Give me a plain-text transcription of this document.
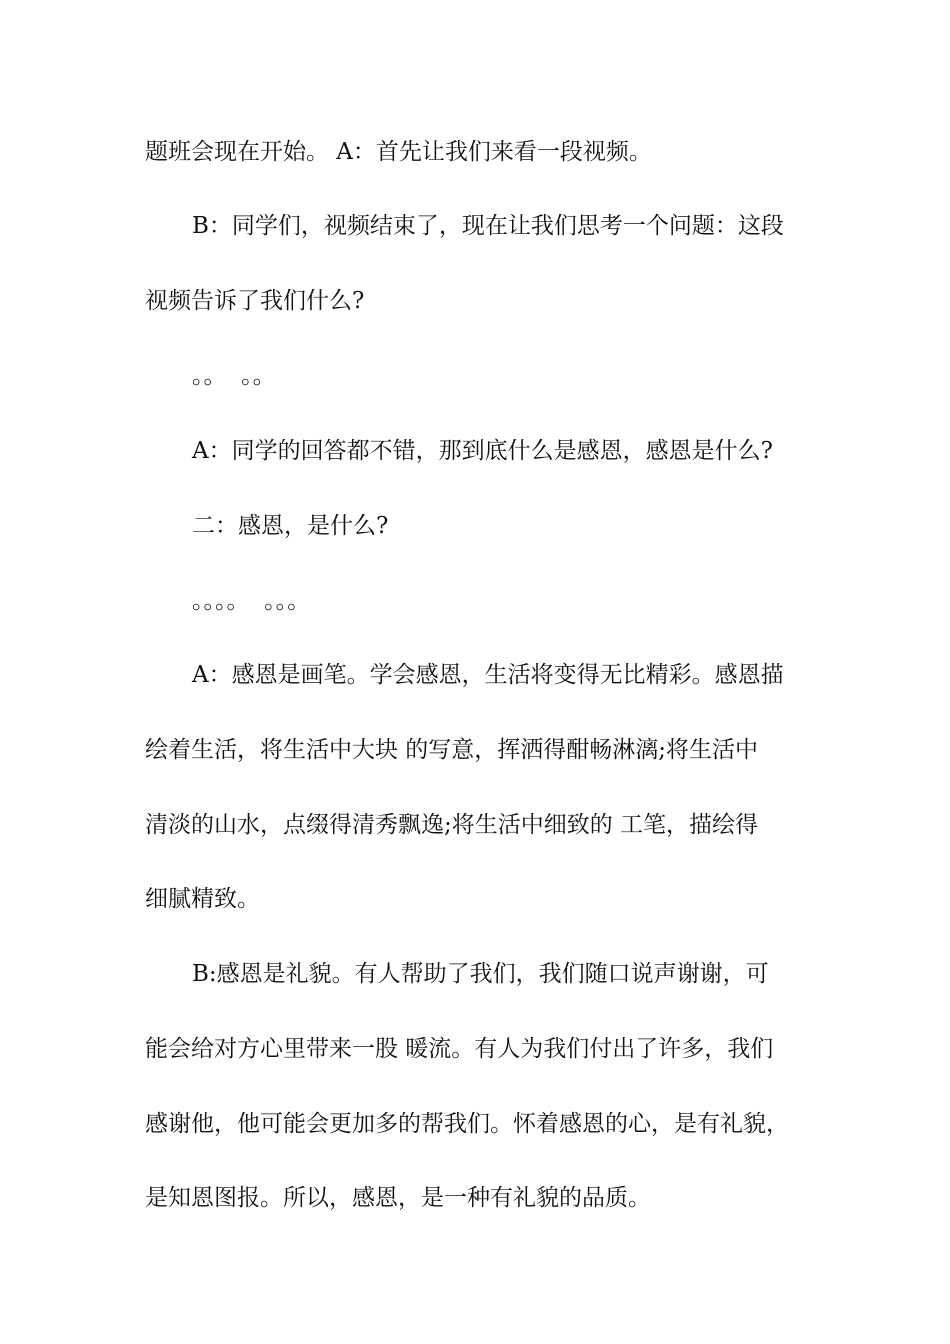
题班会现在开始。 A：首先让我们来看一段视频。
B：同学们，视频结束了，现在让我们思考一个问题：这段
视频告诉了我们什么?
。。  。。
A：同学的回答都不错，那到底什么是感恩，感恩是什么?
二：感恩，是什么?
。。。。  。。。
A：感恩是画笔。学会感恩，生活将变得无比精彩。感恩描
绘着生活，将生活中大块 的写意，挥洒得酣畅淋漓;将生活中
清淡的山水，点缀得清秀飘逸;将生活中细致的 工笔，描绘得
细腻精致。
B:感恩是礼貌。有人帮助了我们，我们随口说声谢谢，可
能会给对方心里带来一股 暖流。有人为我们付出了许多，我们
感谢他，他可能会更加多的帮我们。怀着感恩的心，是有礼貌，
是知恩图报。所以，感恩，是一种有礼貌的品质。
